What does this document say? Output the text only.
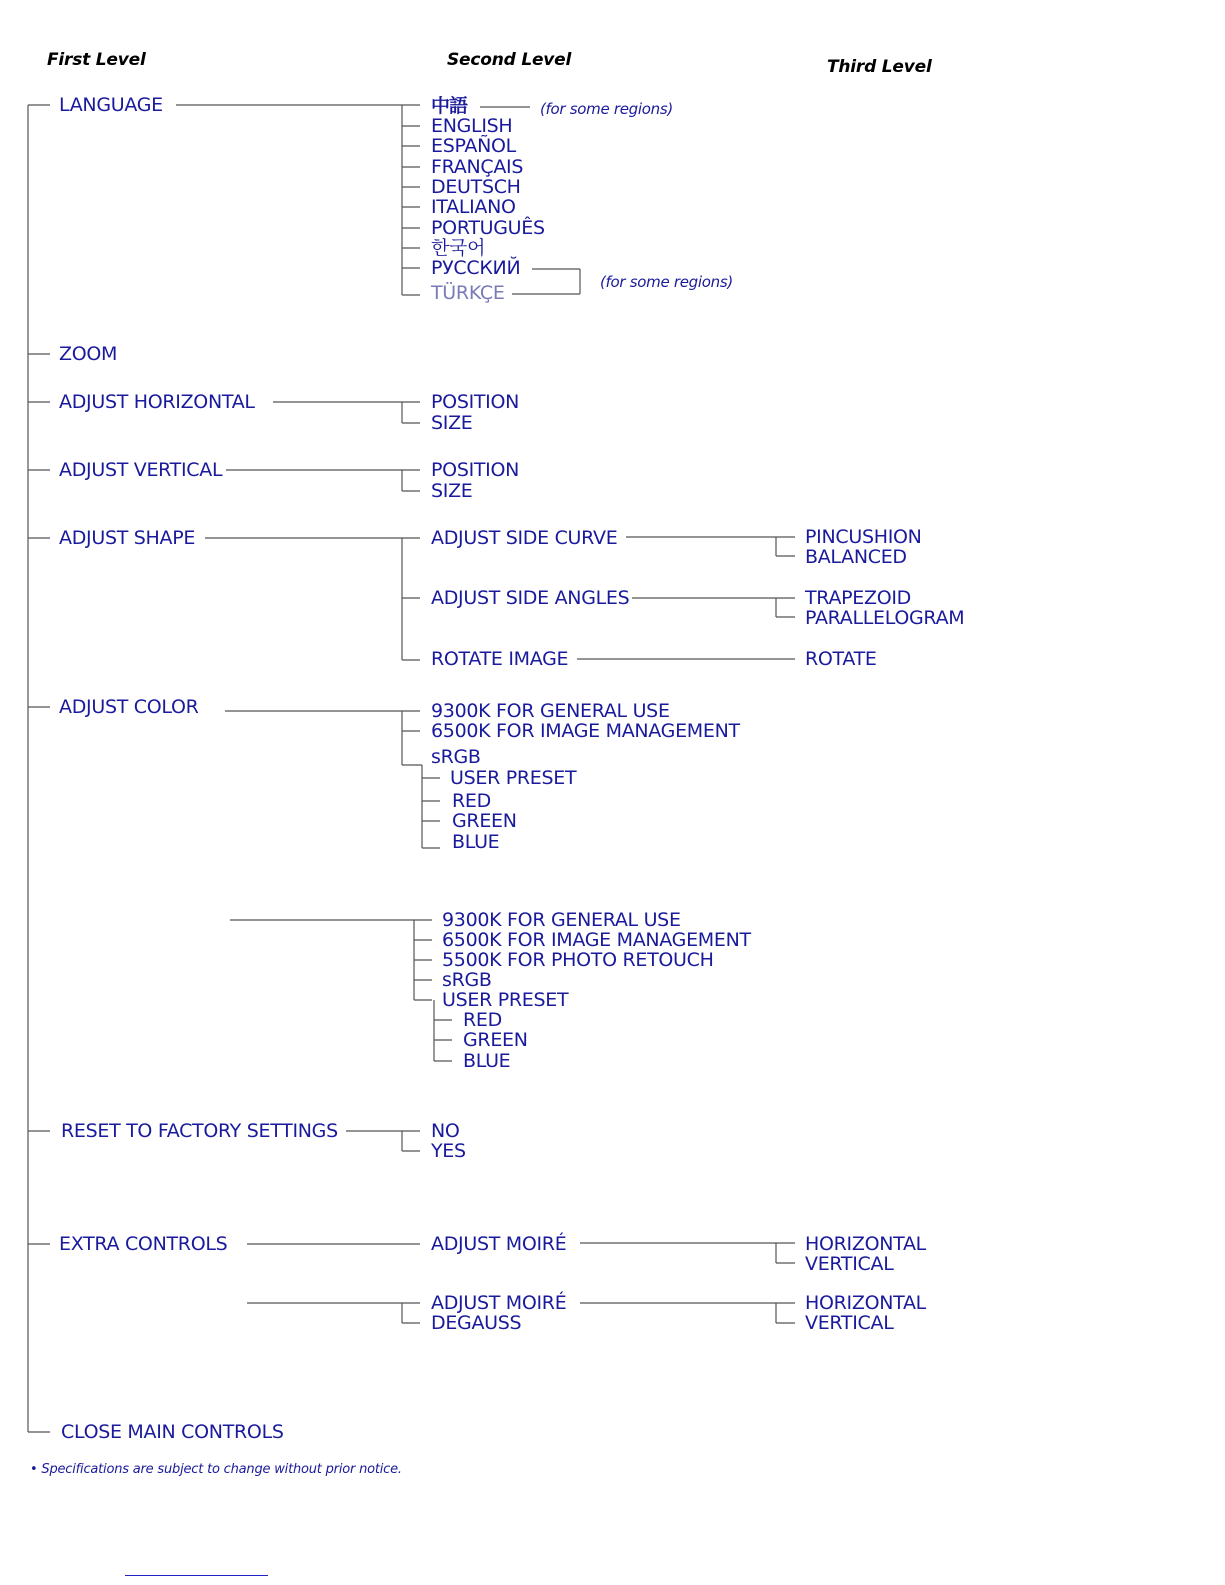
First Level	Second Level	Third Level
LANGUAGE	中語	(for some regions)
ENGLISH
ESPAÑOL
FRANÇAIS
DEUTSCH
ITALIANO
PORTUGUÊS
한국어
РУССКИЙ
TÜRKÇE	(for some regions)
ZOOM
ADJUST HORIZONTAL	POSITION
SIZE
ADJUST VERTICAL	POSITION
SIZE
ADJUST SHAPE	ADJUST SIDE CURVE	PINCUSHION
BALANCED
ADJUST SIDE ANGLES	TRAPEZOID
PARALLELOGRAM
ROTATE IMAGE	ROTATE
ADJUST COLOR	9300K FOR GENERAL USE
6500K FOR IMAGE MANAGEMENT
sRGB
USER PRESET
RED
GREEN
BLUE
9300K FOR GENERAL USE
6500K FOR IMAGE MANAGEMENT
5500K FOR PHOTO RETOUCH
sRGB
USER PRESET
RED
GREEN
BLUE
RESET TO FACTORY SETTINGS	NO
YES
EXTRA CONTROLS	ADJUST MOIRÉ	HORIZONTAL
VERTICAL
ADJUST MOIRÉ
DEGAUSS
HORIZONTAL
VERTICAL
CLOSE MAIN CONTROLS
• Specifications are subject to change without prior notice.
